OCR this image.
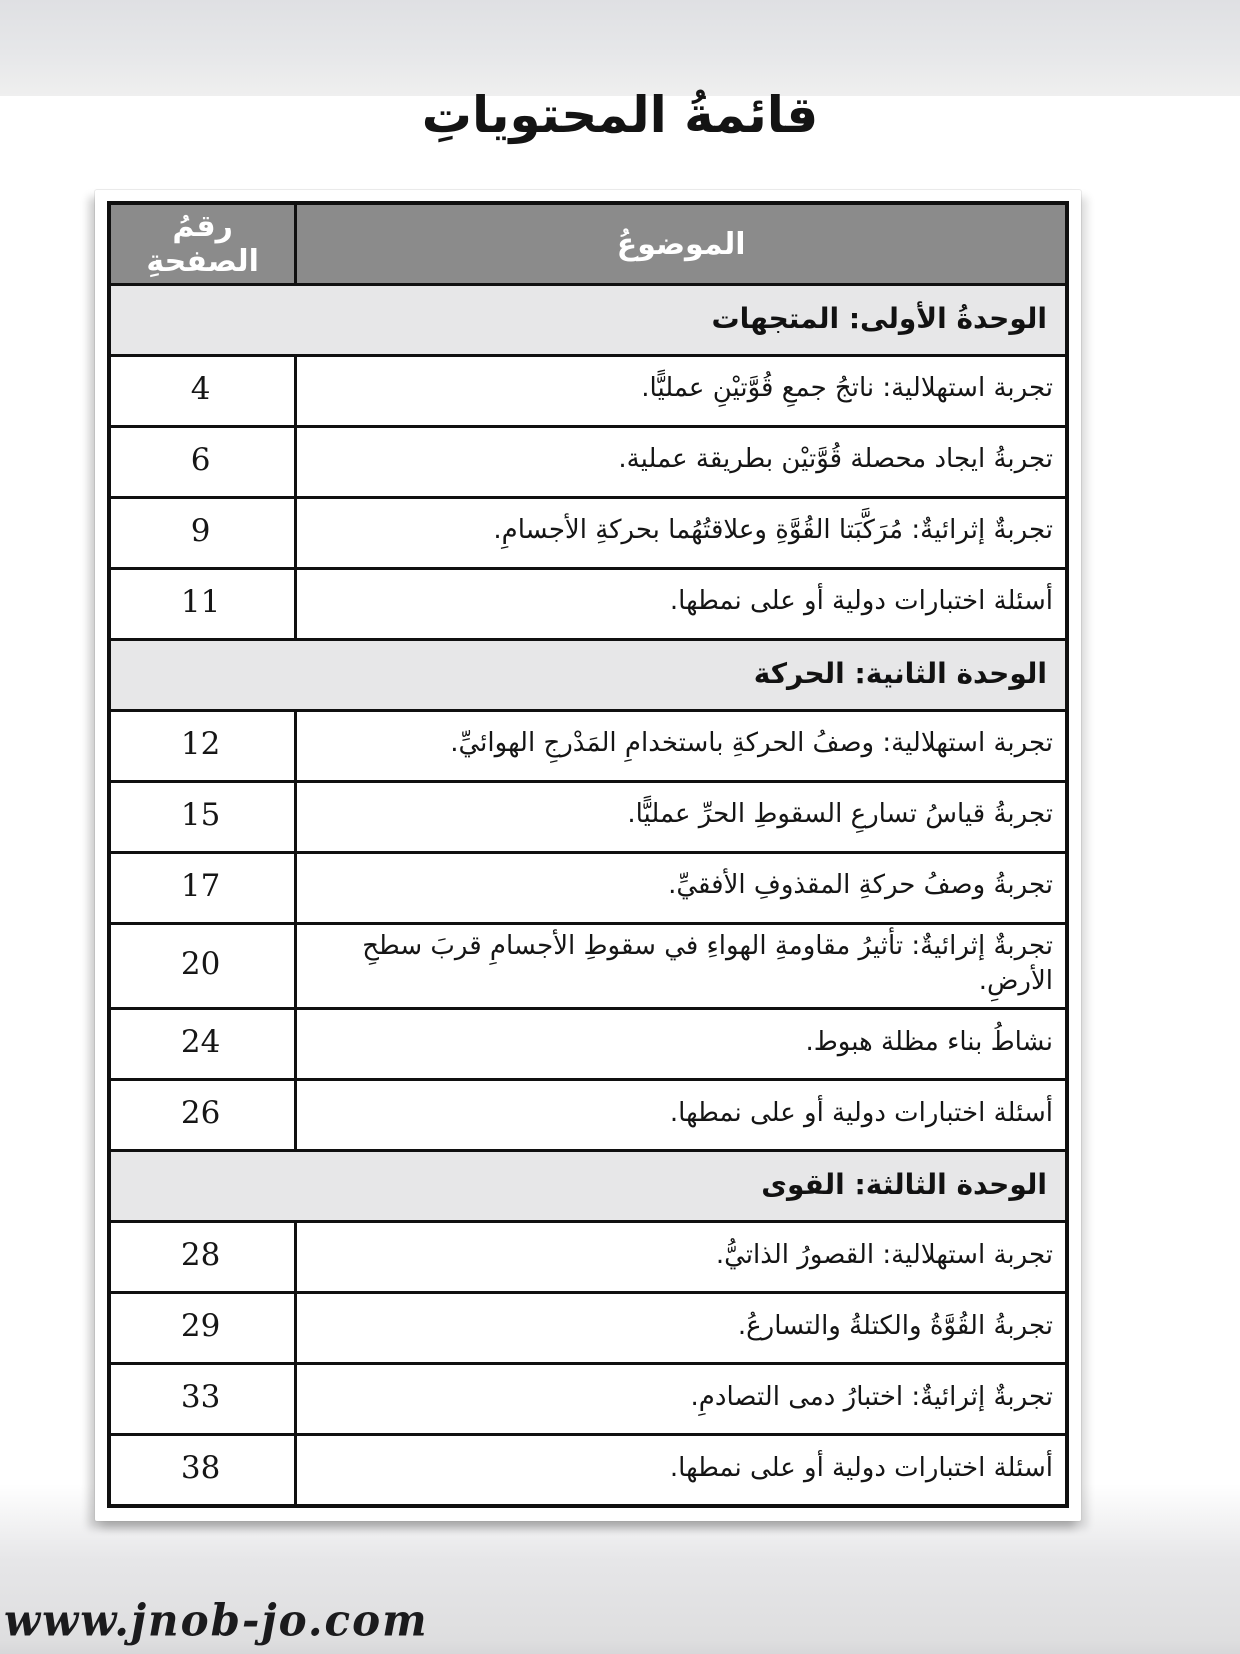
قائمةُ المحتوياتِ
الموضوعُ	رقمُ الصفحةِ
الوحدةُ الأولى: المتجهات	
تجربة استهلالية: ناتجُ جمعِ قُوَّتيْنِ عمليًّا.	4
تجربةُ ايجاد محصلة قُوَّتيْن بطريقة عملية.	6
تجربةٌ إثرائيةٌ: مُرَكَّبَتا القُوَّةِ وعلاقتُهُما بحركةِ الأجسامِ.	9
أسئلة اختبارات دولية أو على نمطها.	11
الوحدة الثانية: الحركة	
تجربة استهلالية: وصفُ الحركةِ باستخدامِ المَدْرجِ الهوائيِّ.	12
تجربةُ قياسُ تسارعِ السقوطِ الحرِّ عمليًّا.	15
تجربةُ وصفُ حركةِ المقذوفِ الأفقيِّ.	17
تجربةٌ إثرائيةٌ: تأثيرُ مقاومةِ الهواءِ في سقوطِ الأجسامِ قربَ سطحِ الأرضِ.	20
نشاطُ بناء مظلة هبوط.	24
أسئلة اختبارات دولية أو على نمطها.	26
الوحدة الثالثة: القوى	
تجربة استهلالية: القصورُ الذاتيُّ.	28
تجربةُ القُوَّةُ والكتلةُ والتسارعُ.	29
تجربةٌ إثرائيةٌ: اختبارُ دمى التصادمِ.	33
أسئلة اختبارات دولية أو على نمطها.	38
www.jnob-jo.com
